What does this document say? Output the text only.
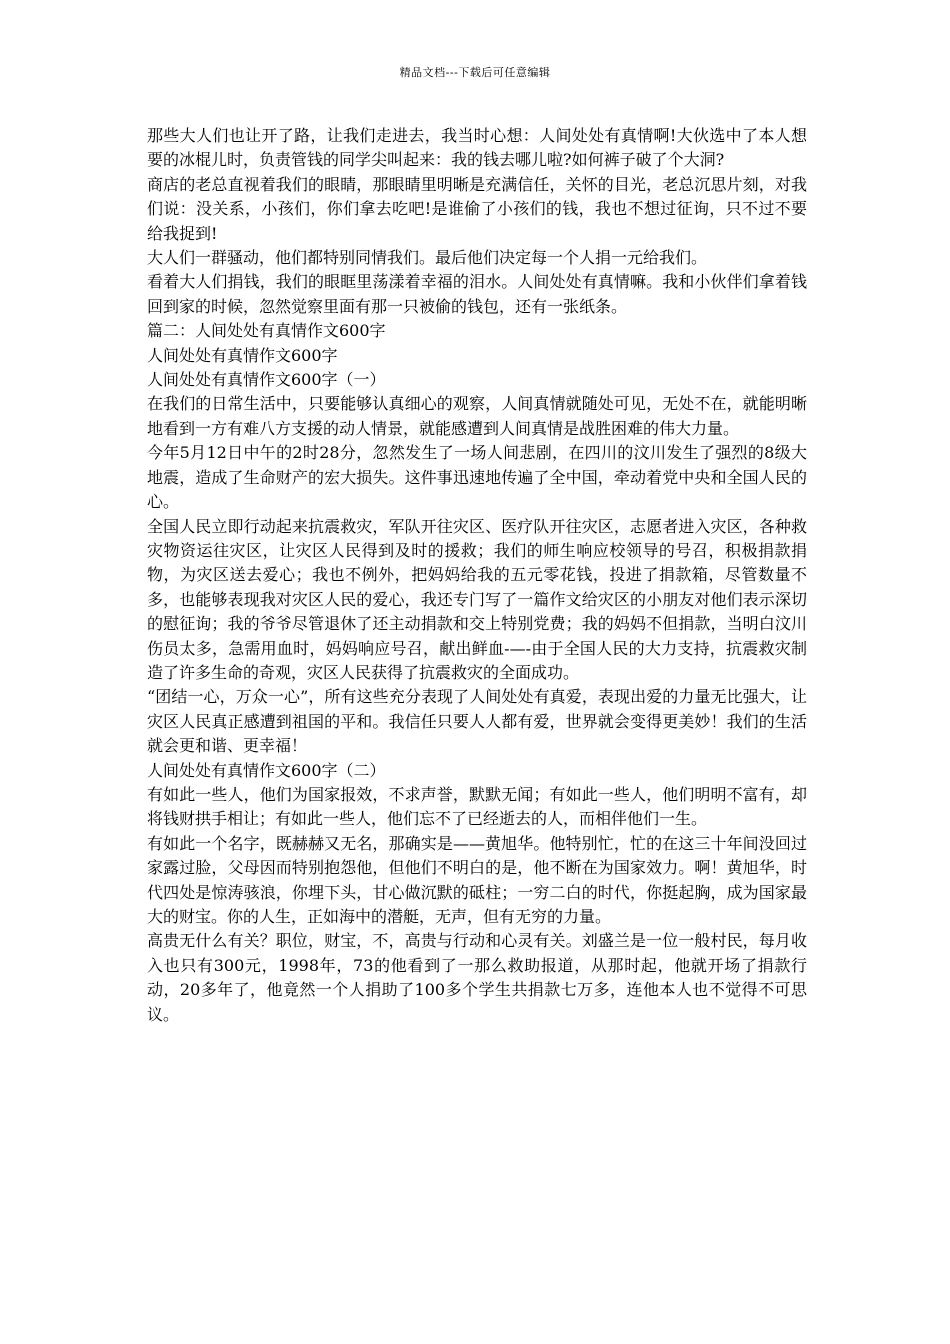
精品文档---下载后可任意编辑

那些大人们也让开了路，让我们走进去，我当时心想：人间处处有真情啊!大伙选中了本人想要的冰棍儿时，负责管钱的同学尖叫起来：我的钱去哪儿啦?如何裤子破了个大洞?

商店的老总直视着我们的眼睛，那眼睛里明晰是充满信任，关怀的目光，老总沉思片刻，对我们说：没关系，小孩们，你们拿去吃吧!是谁偷了小孩们的钱，我也不想过征询，只不过不要给我捉到!

大人们一群骚动，他们都特别同情我们。最后他们决定每一个人捐一元给我们。

看着大人们捐钱，我们的眼眶里荡漾着幸福的泪水。人间处处有真情嘛。我和小伙伴们拿着钱回到家的时候，忽然觉察里面有那一只被偷的钱包，还有一张纸条。

篇二：人间处处有真情作文600字

人间处处有真情作文600字

人间处处有真情作文600字（一）

在我们的日常生活中，只要能够认真细心的观察，人间真情就随处可见，无处不在，就能明晰地看到一方有难八方支援的动人情景，就能感遭到人间真情是战胜困难的伟大力量。

今年5月12日中午的2时28分，忽然发生了一场人间悲剧，在四川的汶川发生了强烈的8级大地震，造成了生命财产的宏大损失。这件事迅速地传遍了全中国，牵动着党中央和全国人民的心。

全国人民立即行动起来抗震救灾，军队开往灾区、医疗队开往灾区，志愿者进入灾区，各种救灾物资运往灾区，让灾区人民得到及时的援救；我们的师生响应校领导的号召，积极捐款捐物，为灾区送去爱心；我也不例外，把妈妈给我的五元零花钱，投进了捐款箱，尽管数量不多，也能够表现我对灾区人民的爱心，我还专门写了一篇作文给灾区的小朋友对他们表示深切的慰征询；我的爷爷尽管退休了还主动捐款和交上特别党费；我的妈妈不但捐款，当明白汶川伤员太多，急需用血时，妈妈响应号召，献出鲜血-—-由于全国人民的大力支持，抗震救灾制造了许多生命的奇观，灾区人民获得了抗震救灾的全面成功。

“团结一心，万众一心”，所有这些充分表现了人间处处有真爱，表现出爱的力量无比强大，让灾区人民真正感遭到祖国的平和。我信任只要人人都有爱，世界就会变得更美妙！我们的生活就会更和谐、更幸福！

人间处处有真情作文600字（二）

有如此一些人，他们为国家报效，不求声誉，默默无闻；有如此一些人，他们明明不富有，却将钱财拱手相让；有如此一些人，他们忘不了已经逝去的人，而相伴他们一生。

有如此一个名字，既赫赫又无名，那确实是——黄旭华。他特别忙，忙的在这三十年间没回过家露过脸，父母因而特别抱怨他，但他们不明白的是，他不断在为国家效力。啊！黄旭华，时代四处是惊涛骇浪，你埋下头，甘心做沉默的砥柱；一穷二白的时代，你挺起胸，成为国家最大的财宝。你的人生，正如海中的潜艇，无声，但有无穷的力量。

高贵无什么有关？职位，财宝，不，高贵与行动和心灵有关。刘盛兰是一位一般村民，每月收入也只有300元，1998年，73的他看到了一那么救助报道，从那时起，他就开场了捐款行动，20多年了，他竟然一个人捐助了100多个学生共捐款七万多，连他本人也不觉得不可思议。
